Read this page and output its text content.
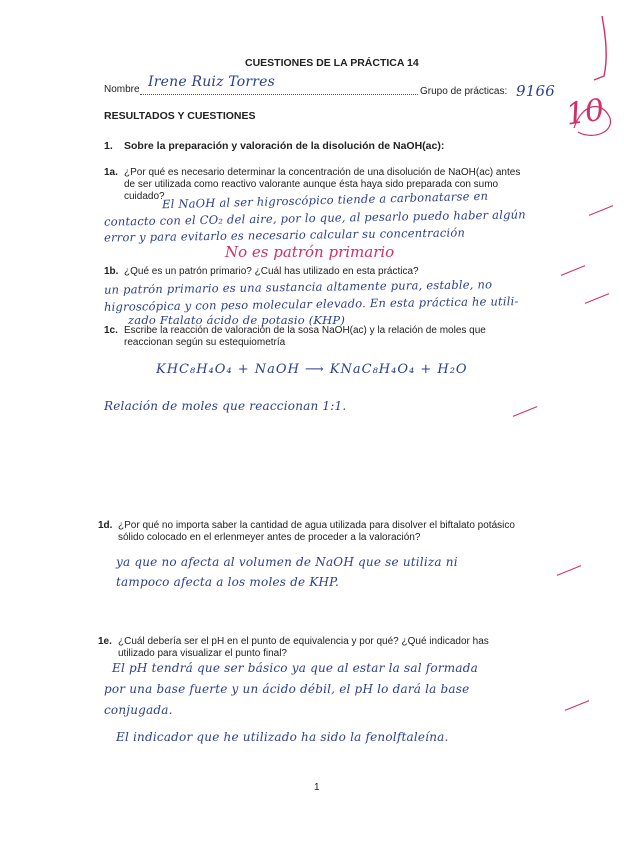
CUESTIONES DE LA PRÁCTICA 14
Nombre Irene Ruiz Torres
Grupo de prácticas: 9166
10
RESULTADOS Y CUESTIONES
1. Sobre la preparación y valoración de la disolución de NaOH(ac):
1a. ¿Por qué es necesario determinar la concentración de una disolución de NaOH(ac) antes
de ser utilizada como reactivo valorante aunque ésta haya sido preparada con sumo
cuidado?
El NaOH al ser higroscópico tiende a carbonatarse en
contacto con el CO₂ del aire, por lo que, al pesarlo puedo haber algún
error y para evitarlo es necesario calcular su concentración
No es patrón primario
1b. ¿Qué es un patrón primario? ¿Cuál has utilizado en esta práctica?
un patrón primario es una sustancia altamente pura, estable, no
higroscópica y con peso molecular elevado. En esta práctica he utili-
zado Ftalato ácido de potasio (KHP)
1c. Escribe la reacción de valoración de la sosa NaOH(ac) y la relación de moles que
reaccionan según su estequiometría
KHC₈H₄O₄ + NaOH ⟶ KNaC₈H₄O₄ + H₂O
Relación de moles que reaccionan 1:1.
1d. ¿Por qué no importa saber la cantidad de agua utilizada para disolver el biftalato potásico
sólido colocado en el erlenmeyer antes de proceder a la valoración?
ya que no afecta al volumen de NaOH que se utiliza ni
tampoco afecta a los moles de KHP.
1e. ¿Cuál debería ser el pH en el punto de equivalencia y por qué? ¿Qué indicador has
utilizado para visualizar el punto final?
El pH tendrá que ser básico ya que al estar la sal formada
por una base fuerte y un ácido débil, el pH lo dará la base
conjugada.
El indicador que he utilizado ha sido la fenolftaleína.
1
